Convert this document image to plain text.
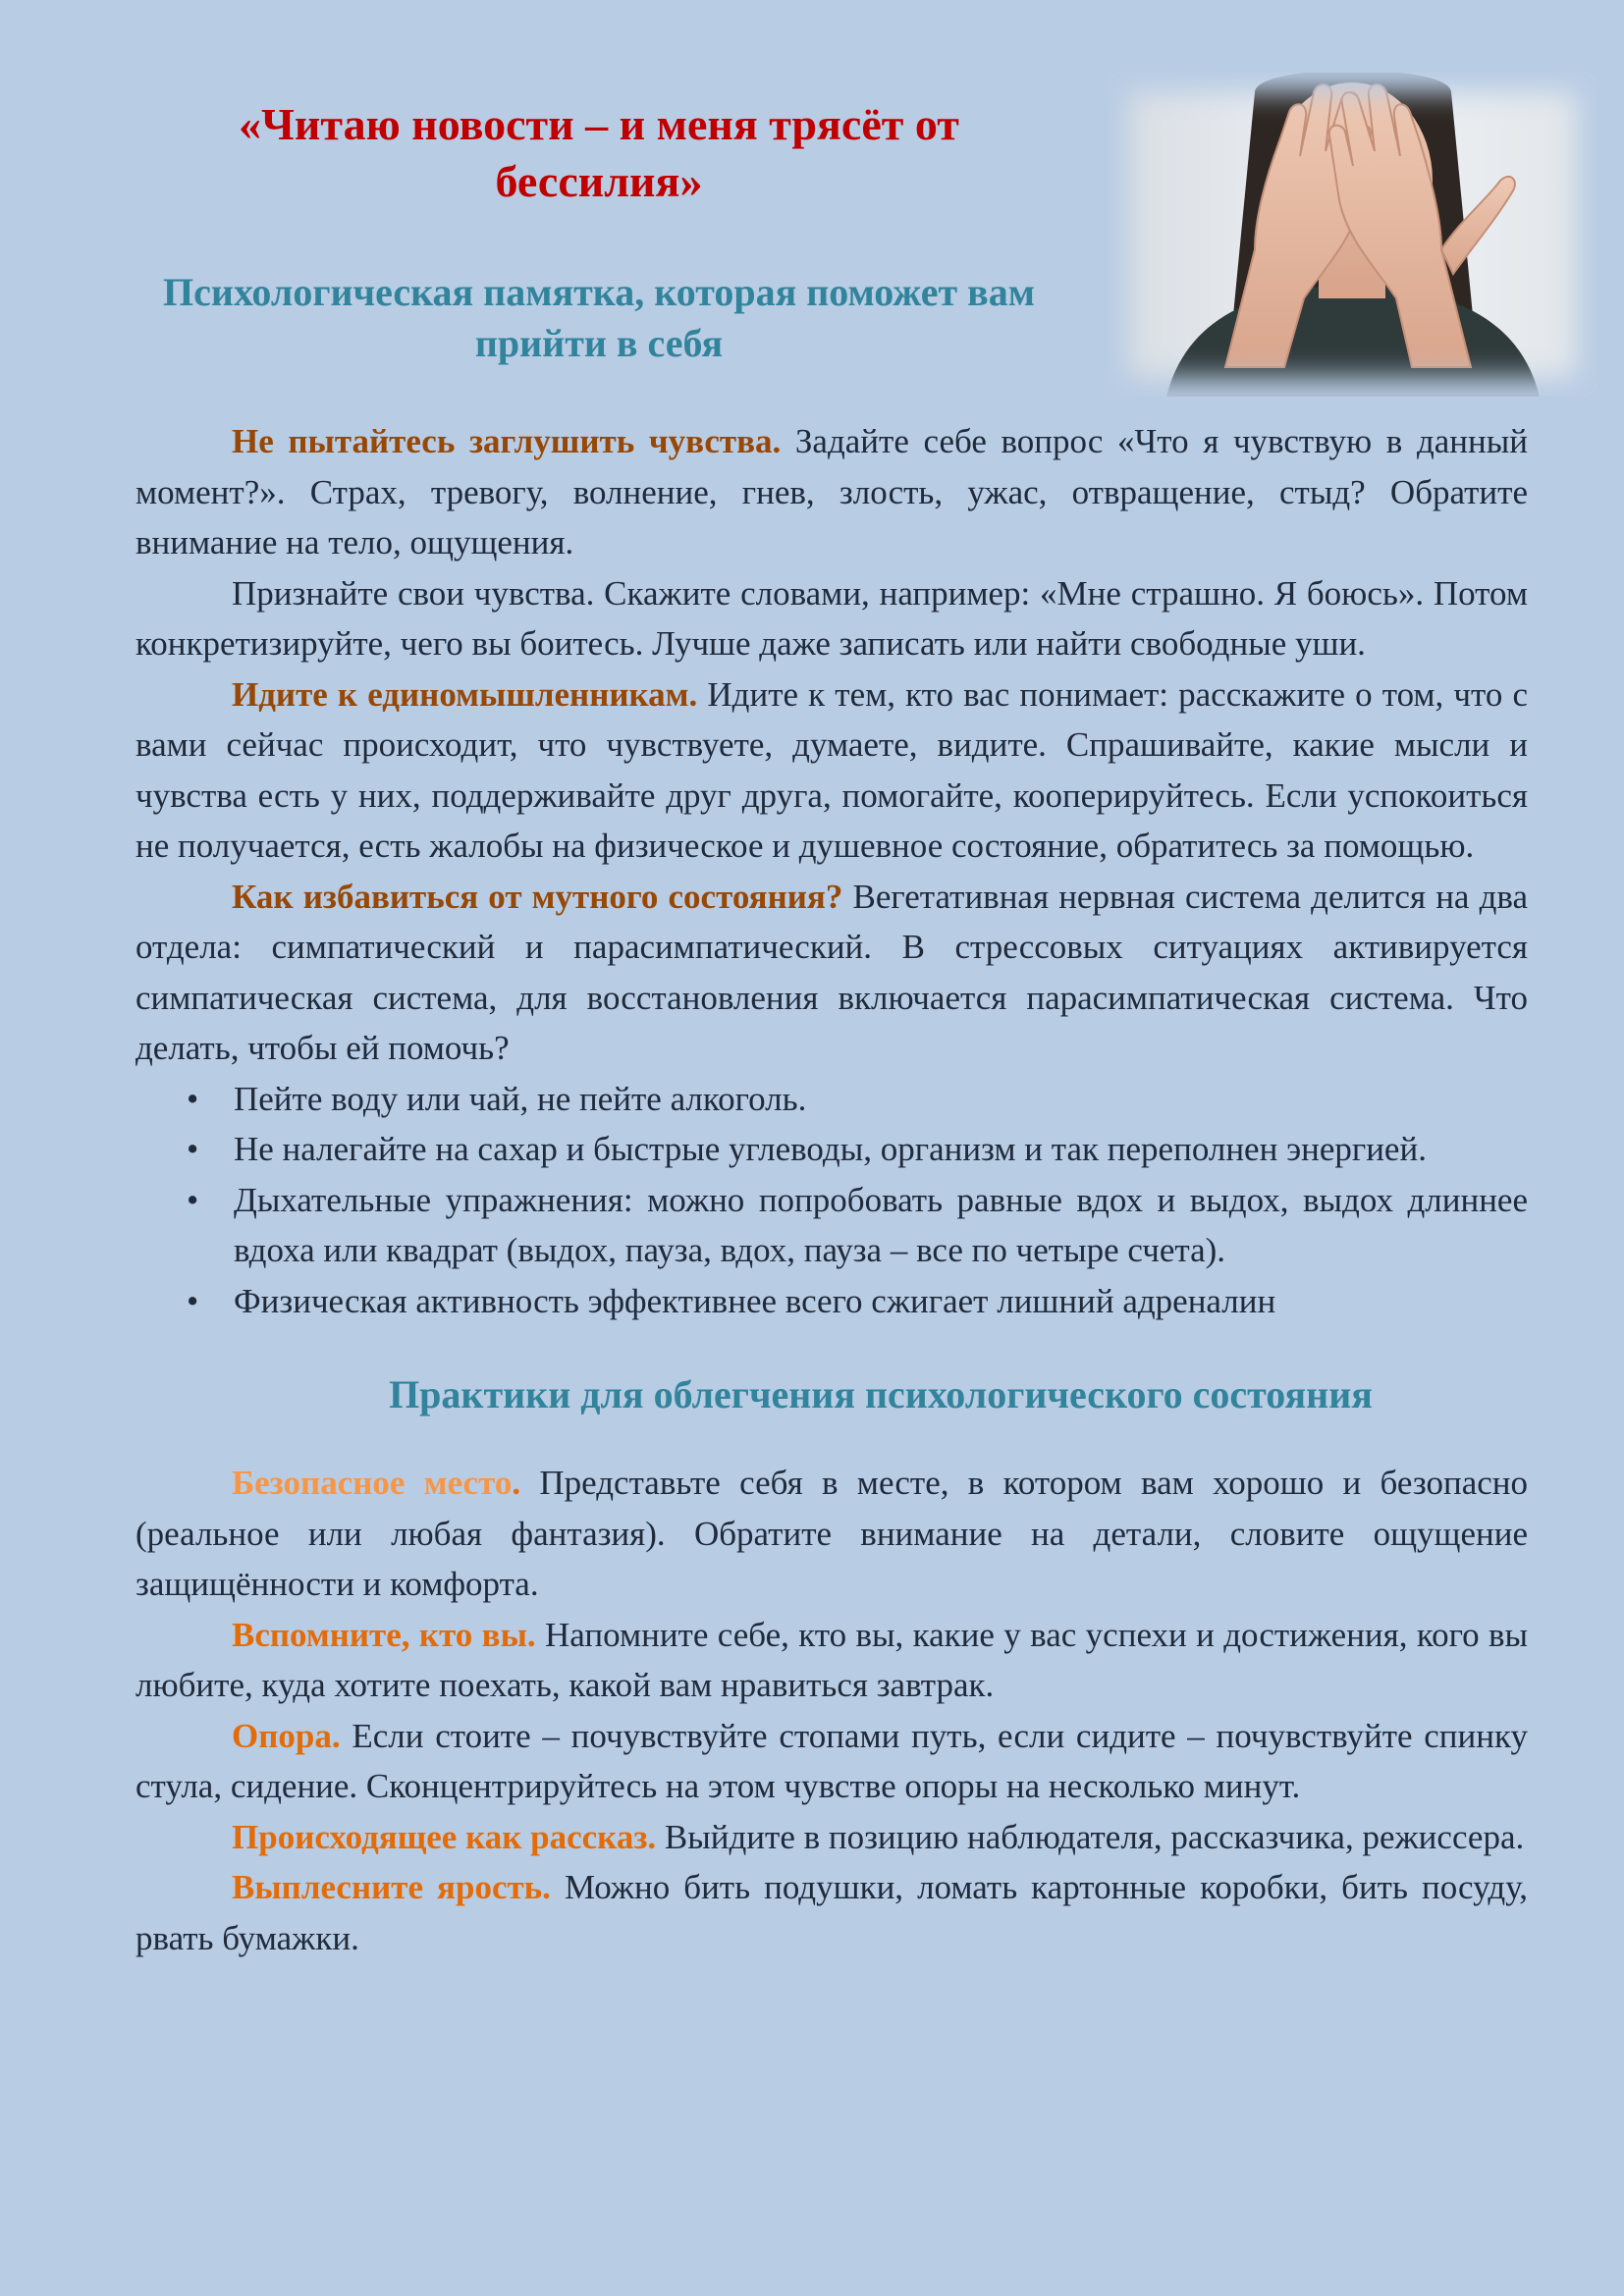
«Читаю новости – и меня трясёт от бессилия»
Психологическая памятка, которая поможет вам прийти в себя

Не пытайтесь заглушить чувства. Задайте себе вопрос «Что я чувствую в данный момент?». Страх, тревогу, волнение, гнев, злость, ужас, отвращение, стыд? Обратите внимание на тело, ощущения.

Признайте свои чувства. Скажите словами, например: «Мне страшно. Я боюсь». Потом конкретизируйте, чего вы боитесь. Лучше даже записать или найти свободные уши.

Идите к единомышленникам. Идите к тем, кто вас понимает: расскажите о том, что с вами сейчас происходит, что чувствуете, думаете, видите. Спрашивайте, какие мысли и чувства есть у них, поддерживайте друг друга, помогайте, кооперируйтесь. Если успокоиться не получается, есть жалобы на физическое и душевное состояние, обратитесь за помощью.

Как избавиться от мутного состояния? Вегетативная нервная система делится на два отдела: симпатический и парасимпатический. В стрессовых ситуациях активируется симпатическая система, для восстановления включается парасимпатическая система. Что делать, чтобы ей помочь?

• Пейте воду или чай, не пейте алкоголь.
• Не налегайте на сахар и быстрые углеводы, организм и так переполнен энергией.
• Дыхательные упражнения: можно попробовать равные вдох и выдох, выдох длиннее вдоха или квадрат (выдох, пауза, вдох, пауза – все по четыре счета).
• Физическая активность эффективнее всего сжигает лишний адреналин
Практики для облегчения психологического состояния

Безопасное место. Представьте себя в месте, в котором вам хорошо и безопасно (реальное или любая фантазия). Обратите внимание на детали, словите ощущение защищённости и комфорта.

Вспомните, кто вы. Напомните себе, кто вы, какие у вас успехи и достижения, кого вы любите, куда хотите поехать, какой вам нравиться завтрак.

Опора. Если стоите – почувствуйте стопами путь, если сидите – почувствуйте спинку стула, сидение. Сконцентрируйтесь на этом чувстве опоры на несколько минут.

Происходящее как рассказ. Выйдите в позицию наблюдателя, рассказчика, режиссера.

Выплесните ярость. Можно бить подушки, ломать картонные коробки, бить посуду, рвать бумажки.
